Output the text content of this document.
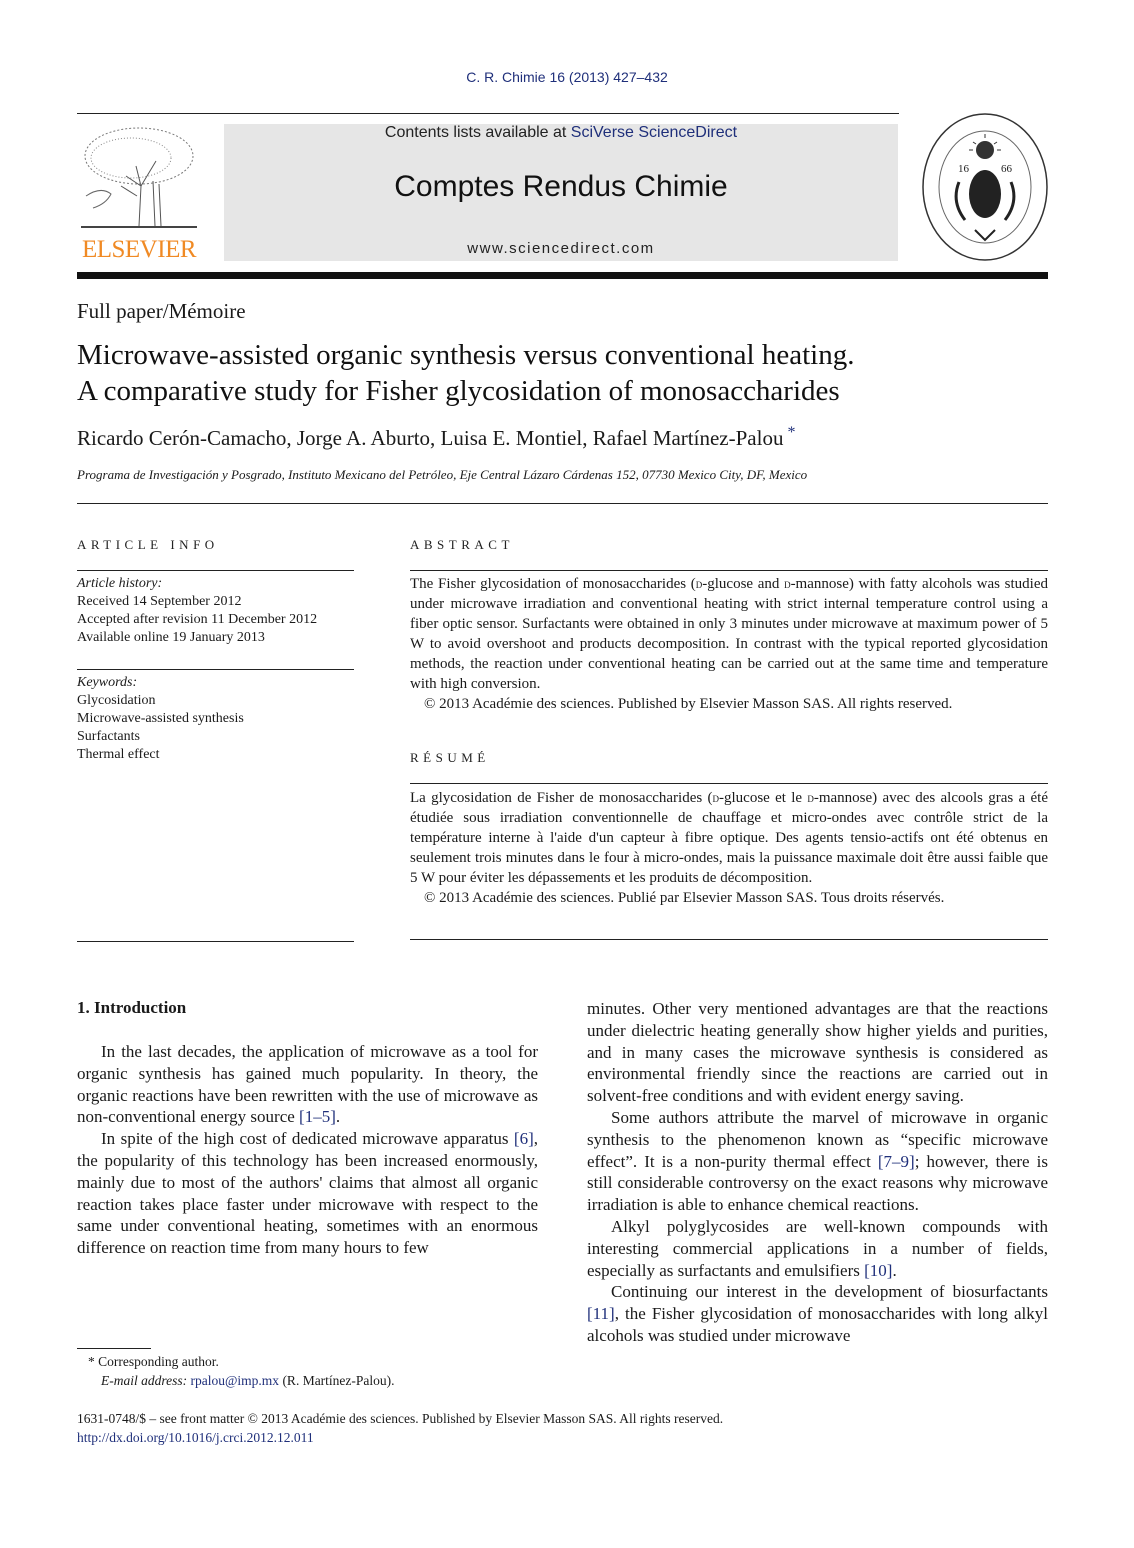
C. R. Chimie 16 (2013) 427–432
ELSEVIER
Contents lists available at SciVerse ScienceDirect
Comptes Rendus Chimie
www.sciencedirect.com
16	66
Full paper/Mémoire
Microwave-assisted organic synthesis versus conventional heating.
A comparative study for Fisher glycosidation of monosaccharides
Ricardo Cerón-Camacho, Jorge A. Aburto, Luisa E. Montiel, Rafael Martínez-Palou *
Programa de Investigación y Posgrado, Instituto Mexicano del Petróleo, Eje Central Lázaro Cárdenas 152, 07730 Mexico City, DF, Mexico
ARTICLE INFO
Article history:
Received 14 September 2012
Accepted after revision 11 December 2012
Available online 19 January 2013
Keywords:
Glycosidation
Microwave-assisted synthesis
Surfactants
Thermal effect
ABSTRACT

The Fisher glycosidation of monosaccharides (d-glucose and d-mannose) with fatty alcohols was studied under microwave irradiation and conventional heating with strict internal temperature control using a fiber optic sensor. Surfactants were obtained in only 3 minutes under microwave at maximum power of 5 W to avoid overshoot and products decomposition. In contrast with the typical reported glycosidation methods, the reaction under conventional heating can be carried out at the same time and temperature with high conversion.

© 2013 Académie des sciences. Published by Elsevier Masson SAS. All rights reserved.

RÉSUMÉ

La glycosidation de Fisher de monosaccharides (d-glucose et le d-mannose) avec des alcools gras a été étudiée sous irradiation conventionnelle de chauffage et micro-ondes avec contrôle strict de la température interne à l'aide d'un capteur à fibre optique. Des agents tensio-actifs ont été obtenus en seulement trois minutes dans le four à micro-ondes, mais la puissance maximale doit être aussi faible que 5 W pour éviter les dépassements et les produits de décomposition.

© 2013 Académie des sciences. Publié par Elsevier Masson SAS. Tous droits réservés.

1. Introduction

In the last decades, the application of microwave as a tool for organic synthesis has gained much popularity. In theory, the organic reactions have been rewritten with the use of microwave as non-conventional energy source [1–5].

In spite of the high cost of dedicated microwave apparatus [6], the popularity of this technology has been increased enormously, mainly due to most of the authors' claims that almost all organic reaction takes place faster under microwave with respect to the same under conventional heating, sometimes with an enormous difference on reaction time from many hours to few

minutes. Other very mentioned advantages are that the reactions under dielectric heating generally show higher yields and purities, and in many cases the microwave synthesis is considered as environmental friendly since the reactions are carried out in solvent-free conditions and with evident energy saving.

Some authors attribute the marvel of microwave in organic synthesis to the phenomenon known as “specific microwave effect”. It is a non-purity thermal effect [7–9]; however, there is still considerable controversy on the exact reasons why microwave irradiation is able to enhance chemical reactions.

Alkyl polyglycosides are well-known compounds with interesting commercial applications in a number of fields, especially as surfactants and emulsifiers [10].

Continuing our interest in the development of biosurfactants [11], the Fisher glycosidation of monosaccharides with long alkyl alcohols was studied under microwave

* Corresponding author.
E-mail address: rpalou@imp.mx (R. Martínez-Palou).
1631-0748/$ – see front matter © 2013 Académie des sciences. Published by Elsevier Masson SAS. All rights reserved.
http://dx.doi.org/10.1016/j.crci.2012.12.011
